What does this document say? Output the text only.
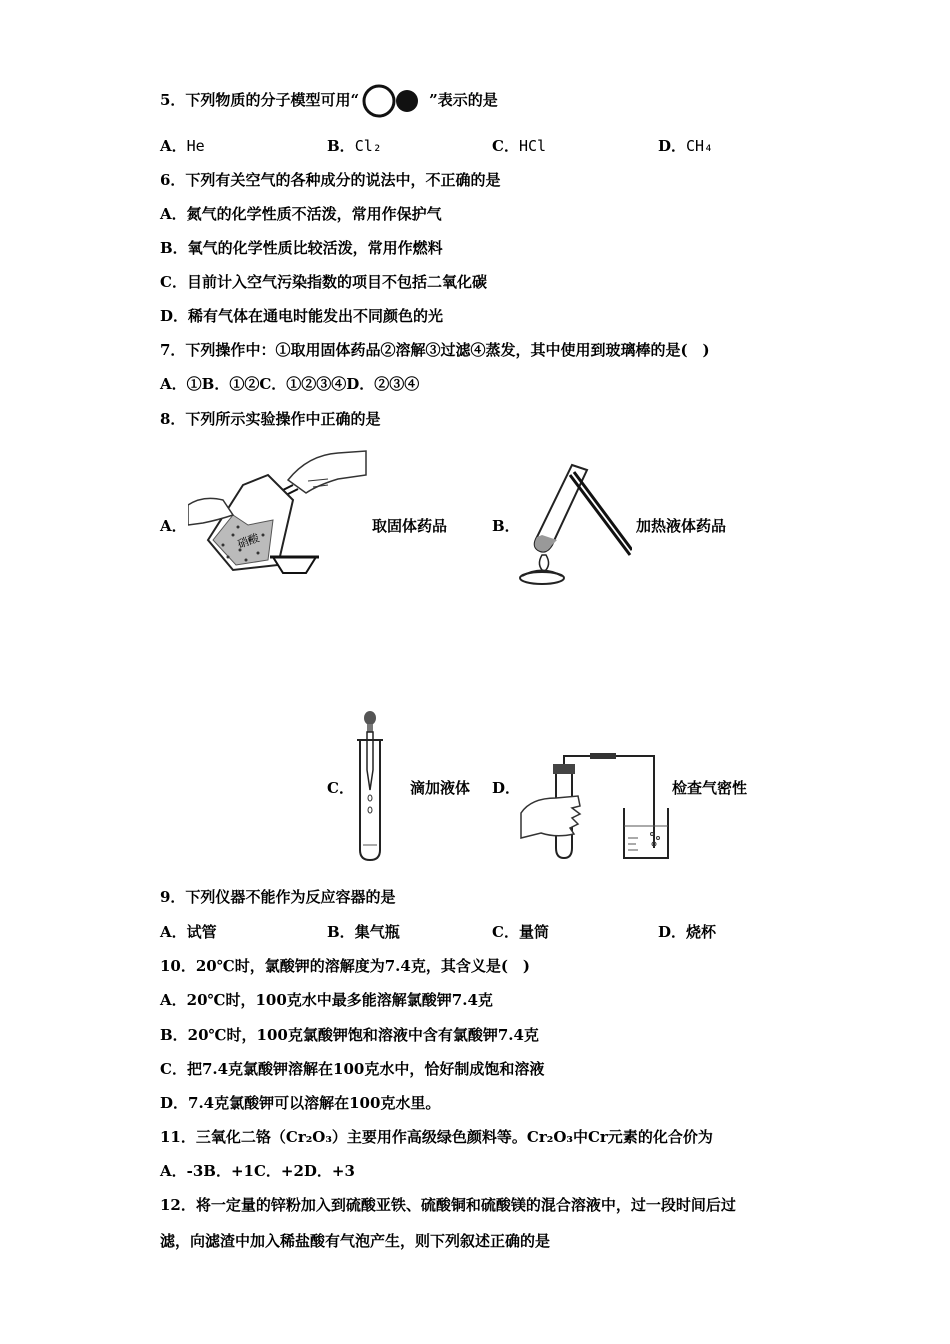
5．下列物质的分子模型可用“	”表示的是
A．He	B．Cl₂	C．HCl	D．CH₄
6．下列有关空气的各种成分的说法中，不正确的是
A．氮气的化学性质不活泼，常用作保护气
B．氧气的化学性质比较活泼，常用作燃料
C．目前计入空气污染指数的项目不包括二氧化碳
D．稀有气体在通电时能发出不同颜色的光
7．下列操作中：①取用固体药品②溶解③过滤④蒸发，其中使用到玻璃棒的是(　)
A．①B．①②C．①②③④D．②③④
8．下列所示实验操作中正确的是
A．
硝酸
取固体药品	B．	加热液体药品
C．	滴加液体 D．	检查气密性
9．下列仪器不能作为反应容器的是
A．试管	B．集气瓶	C．量筒	D．烧杯
10．20℃时，氯酸钾的溶解度为7.4克，其含义是(　)
A．20℃时，100克水中最多能溶解氯酸钾7.4克
B．20℃时，100克氯酸钾饱和溶液中含有氯酸钾7.4克
C．把7.4克氯酸钾溶解在100克水中，恰好制成饱和溶液
D．7.4克氯酸钾可以溶解在100克水里。
11．三氧化二铬（Cr₂O₃）主要用作高级绿色颜料等。Cr₂O₃中Cr元素的化合价为
A．-3B．+1C．+2D．+3
12．将一定量的锌粉加入到硫酸亚铁、硫酸铜和硫酸镁的混合溶液中，过一段时间后过
滤，向滤渣中加入稀盐酸有气泡产生，则下列叙述正确的是
